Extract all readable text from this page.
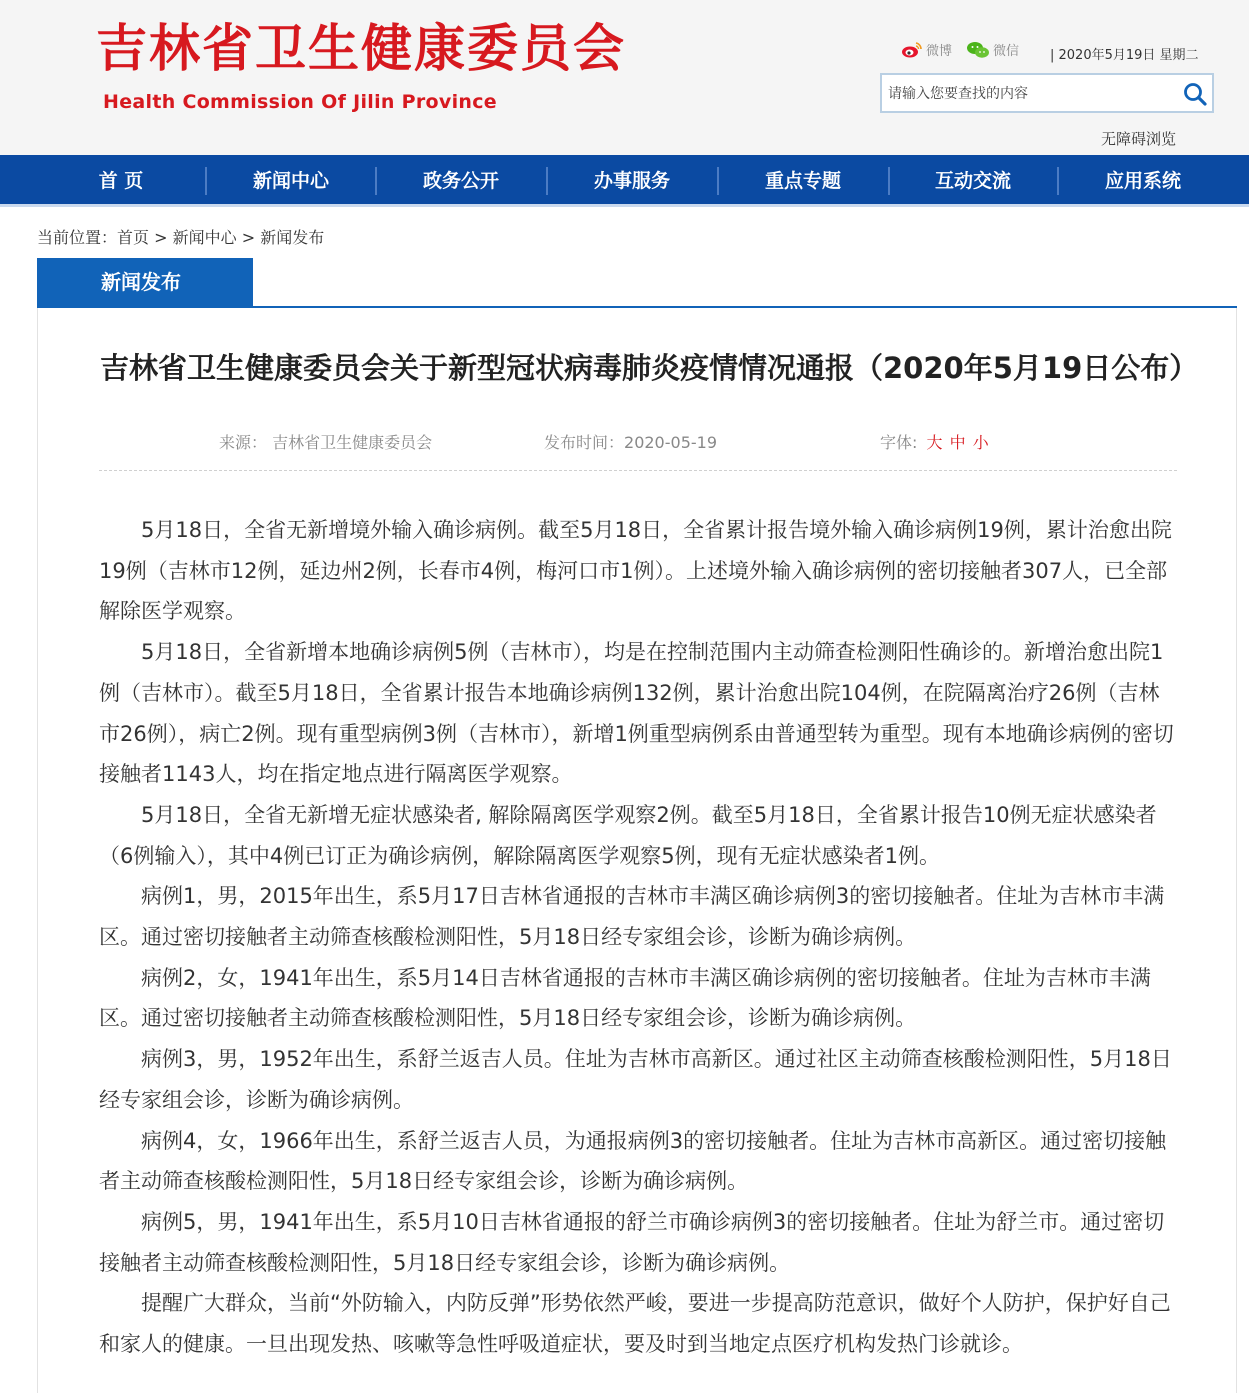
吉林省卫生健康委员会
Health Commission Of Jilin Province
微博	微信 | 2020年5月19日 星期二
请输入您要查找的内容
无障碍浏览
首 页	新闻中心	政务公开	办事服务	重点专题	互动交流	应用系统
当前位置：首页 > 新闻中心 > 新闻发布
新闻发布
吉林省卫生健康委员会关于新型冠状病毒肺炎疫情情况通报（2020年5月19日公布）
来源： 吉林省卫生健康委员会	发布时间：2020-05-19	字体: 大 中 小

5月18日，全省无新增境外输入确诊病例。截至5月18日，全省累计报告境外输入确诊病例19例，累计治愈出院19例（吉林市12例，延边州2例，长春市4例，梅河口市1例）。上述境外输入确诊病例的密切接触者307人，已全部解除医学观察。

5月18日，全省新增本地确诊病例5例（吉林市），均是在控制范围内主动筛查检测阳性确诊的。新增治愈出院1例（吉林市）。截至5月18日，全省累计报告本地确诊病例132例，累计治愈出院104例，在院隔离治疗26例（吉林市26例），病亡2例。现有重型病例3例（吉林市），新增1例重型病例系由普通型转为重型。现有本地确诊病例的密切接触者1143人，均在指定地点进行隔离医学观察。

5月18日，全省无新增无症状感染者, 解除隔离医学观察2例。截至5月18日，全省累计报告10例无症状感染者（6例输入），其中4例已订正为确诊病例，解除隔离医学观察5例，现有无症状感染者1例。

病例1，男，2015年出生，系5月17日吉林省通报的吉林市丰满区确诊病例3的密切接触者。住址为吉林市丰满区。通过密切接触者主动筛查核酸检测阳性，5月18日经专家组会诊，诊断为确诊病例。

病例2，女，1941年出生，系5月14日吉林省通报的吉林市丰满区确诊病例的密切接触者。住址为吉林市丰满区。通过密切接触者主动筛查核酸检测阳性，5月18日经专家组会诊，诊断为确诊病例。

病例3，男，1952年出生，系舒兰返吉人员。住址为吉林市高新区。通过社区主动筛查核酸检测阳性，5月18日经专家组会诊，诊断为确诊病例。

病例4，女，1966年出生，系舒兰返吉人员，为通报病例3的密切接触者。住址为吉林市高新区。通过密切接触者主动筛查核酸检测阳性，5月18日经专家组会诊，诊断为确诊病例。

病例5，男，1941年出生，系5月10日吉林省通报的舒兰市确诊病例3的密切接触者。住址为舒兰市。通过密切接触者主动筛查核酸检测阳性，5月18日经专家组会诊，诊断为确诊病例。

提醒广大群众，当前“外防输入，内防反弹”形势依然严峻，要进一步提高防范意识，做好个人防护，保护好自己和家人的健康。一旦出现发热、咳嗽等急性呼吸道症状，要及时到当地定点医疗机构发热门诊就诊。
